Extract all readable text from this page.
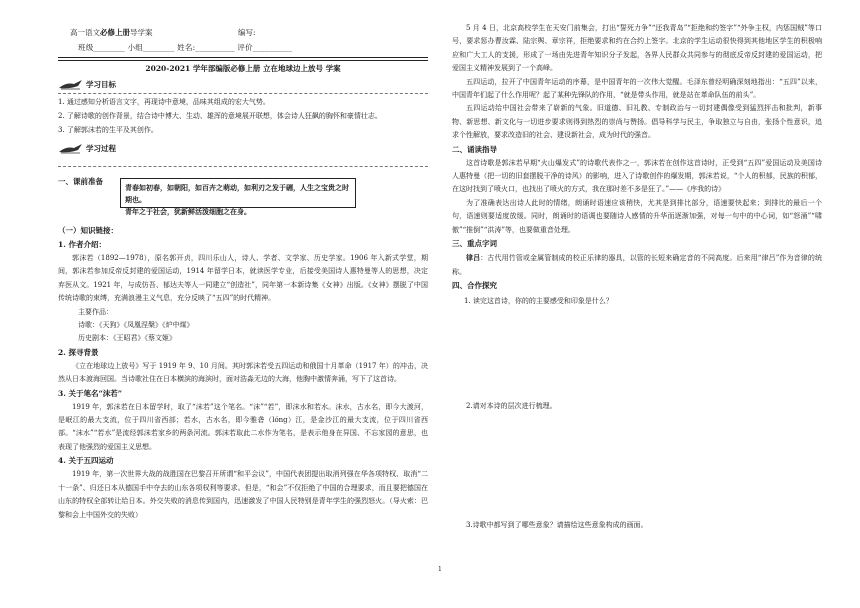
高一语文必修上册导学案	编写:
班级________ 小组________ 姓名:__________ 评价__________
2020-2021 学年部编版必修上册 立在地球边上放号 学案
学习目标
1. 通过感知分析语言文字，再现诗中意境，品味其组成的宏大气势。
2. 了解诗歌的创作背景，结合诗中博大、生动、雄浑的意境展开联想，体会诗人狂飙的胸怀和豪情壮志。
3. 了解郭沫若的生平及其创作。
学习过程
一、课前准备
青春如初春，如朝阳，如百卉之萌动，如利刃之发于硎，人生之宝贵之时期也。
青年之于社会，犹新鲜活泼细胞之在身。
（一）知识链接：
1. 作者介绍：
郭沫若（1892—1978），原名郭开贞，四川乐山人，诗人、学者、文学家、历史学家。1906 年入新式学堂，期间，郭沫若参加反帝反封建的爱国运动，1914 年留学日本，就读医学专业，后接受美国诗人惠特曼等人的思想，决定弃医从文。1921 年，与成仿吾、郁达夫等人一同建立“创造社”，同年第一本新诗集《女神》出版。《女神》摆脱了中国传统诗歌的束缚，充满浪漫主义气息，充分反映了“五四”的时代精神。
主要作品：
诗歌：《天狗》《凤凰涅槃》《炉中煤》
历史剧本：《王昭君》《蔡文姬》
2. 探寻背景
《立在地球边上放号》写于 1919 年 9、10 月间。其时郭沫若受五四运动和俄国十月革命（1917 年）的冲击，决然从日本渡海回国。当诗歌社住在日本横滨的海滨时，面对浩淼无边的大海，他胸中激情奔涌，写下了这首诗。
3. 关于笔名“沫若”
1919 年，郭沫若在日本留学时，取了“沫若”这个笔名。“沫”“若”，即沫水和若水。沫水，古水名，即今大渡河，是岷江的最大支流，位于四川省西部；若水，古水名，即今雅砻（lóng）江，是金沙江的最大支流，位于四川省西部。“沫水”“若水”是流经郭沫若家乡的两条河流。郭沫若取此二水作为笔名，是表示他身在异国、不忘家园的意思，也表现了他强烈的爱国主义思想。
4. 关于五四运动
1919 年，第一次世界大战的战胜国在巴黎召开所谓“和平会议”，中国代表团提出取消列强在华各项特权、取消“二十一条”、归还日本从德国手中夺去的山东各项权利等要求。但是，“和会”不仅拒绝了中国的合理要求，而且要把德国在山东的特权全部转让给日本。外交失败的消息传到国内，迅速激发了中国人民特别是青年学生的强烈怒火。（导火索：巴黎和会上中国外交的失败）
5 月 4 日，北京高校学生在天安门前集会，打出“誓死力争”“还我青岛”“拒绝和约签字”“外争主权，内惩国贼”等口号，要求惩办曹汝霖、陆宗舆、章宗祥，拒绝要求和约在合约上签字。北京的学生运动很快得到其他地区学生的积极响应和广大工人的支援，形成了一场由先进青年知识分子发起，各界人民群众共同参与的彻底反帝反封建的爱国运动，把爱国主义精神发展到了一个高峰。
五四运动，拉开了中国青年运动的序幕，是中国青年的一次伟大觉醒。毛泽东曾经明确深刻地指出：“五四”以来，中国青年们起了什么作用呢？起了某种先锋队的作用，“就是带头作用，就是站在革命队伍的前头”。
五四运动给中国社会带来了崭新的气象。旧道德、旧礼教、专制政治与一切封建偶像受到猛烈抨击和批判，新事物、新思想、新文化与一切进步要求则得到热烈的崇尚与赞扬。倡导科学与民主，争取独立与自由，张扬个性意识，追求个性解放，要求改造旧的社会、建设新社会，成为时代的强音。
二、诵读指导
这首诗歌是郭沫若早期“火山爆发式”的诗歌代表作之一，郭沫若在创作这首诗时，正受到“五四”爱国运动及美国诗人惠特曼（把一切的旧套摆脱干净的诗风）的影响，进入了诗歌创作的爆发期，郭沫若说，“个人的积郁，民族的积郁，在这时找到了喷火口，也找出了喷火的方式，我在那时差不多是狂了。”——《序我的诗》
为了准确表达出诗人此时的情绪，朗诵时语速应该稍快，尤其是到排比部分，语速要快起来；到排比的最后一个句，语速则要适度放缓。同时，朗诵时的语调也要随诗人感情的升华而逐渐加强，对每一句中的中心词，如“怒涌”“啸傲”“推倒”“洪涛”等，也要做重音处理。
三、重点字词
律吕：古代用竹管或金属管制成的校正乐律的器具，以管的长短来确定音的不同高度。后来用“律吕”作为音律的统称。
四、合作探究
1. 读完这首诗，你的的主要感受和印象是什么？
2.请对本诗的层次进行梳理。
3.诗歌中都写到了哪些意象？请描绘这些意象构成的画面。
1
